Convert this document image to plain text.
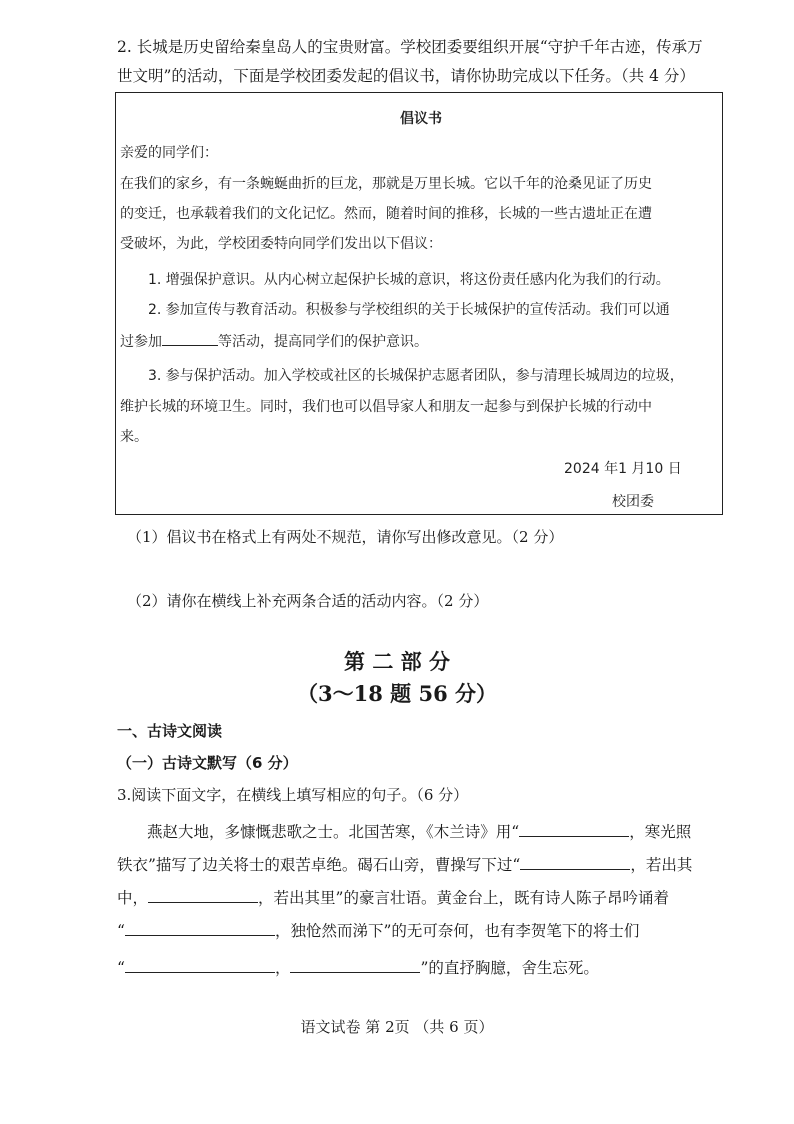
2. 长城是历史留给秦皇岛人的宝贵财富。学校团委要组织开展“守护千年古迹，传承万
世文明”的活动，下面是学校团委发起的倡议书，请你协助完成以下任务。（共 4 分）
倡议书
亲爱的同学们：
在我们的家乡，有一条蜿蜒曲折的巨龙，那就是万里长城。它以千年的沧桑见证了历史
的变迁，也承载着我们的文化记忆。然而，随着时间的推移，长城的一些古遗址正在遭
受破坏，为此，学校团委特向同学们发出以下倡议：
1. 增强保护意识。从内心树立起保护长城的意识，将这份责任感内化为我们的行动。
2. 参加宣传与教育活动。积极参与学校组织的关于长城保护的宣传活动。我们可以通
过参加	等活动，提高同学们的保护意识。
3. 参与保护活动。加入学校或社区的长城保护志愿者团队，参与清理长城周边的垃圾，
维护长城的环境卫生。同时，我们也可以倡导家人和朋友一起参与到保护长城的行动中
来。
2024 年1 月10 日
校团委
（1）倡议书在格式上有两处不规范，请你写出修改意见。（2 分）
（2）请你在横线上补充两条合适的活动内容。（2 分）
第 二 部 分
（3～18 题 56 分）
一、古诗文阅读
（一）古诗文默写（6 分）
3.阅读下面文字，在横线上填写相应的句子。（6 分）
燕赵大地，多慷慨悲歌之士。北国苦寒，《木兰诗》用“	，寒光照
铁衣”描写了边关将士的艰苦卓绝。碣石山旁，曹操写下过“	，若出其
中，	，若出其里”的豪言壮语。黄金台上，既有诗人陈子昂吟诵着
“	，独怆然而涕下”的无可奈何，也有李贺笔下的将士们
“	，	”的直抒胸臆，舍生忘死。
语文试卷 第 2页 （共 6 页）
